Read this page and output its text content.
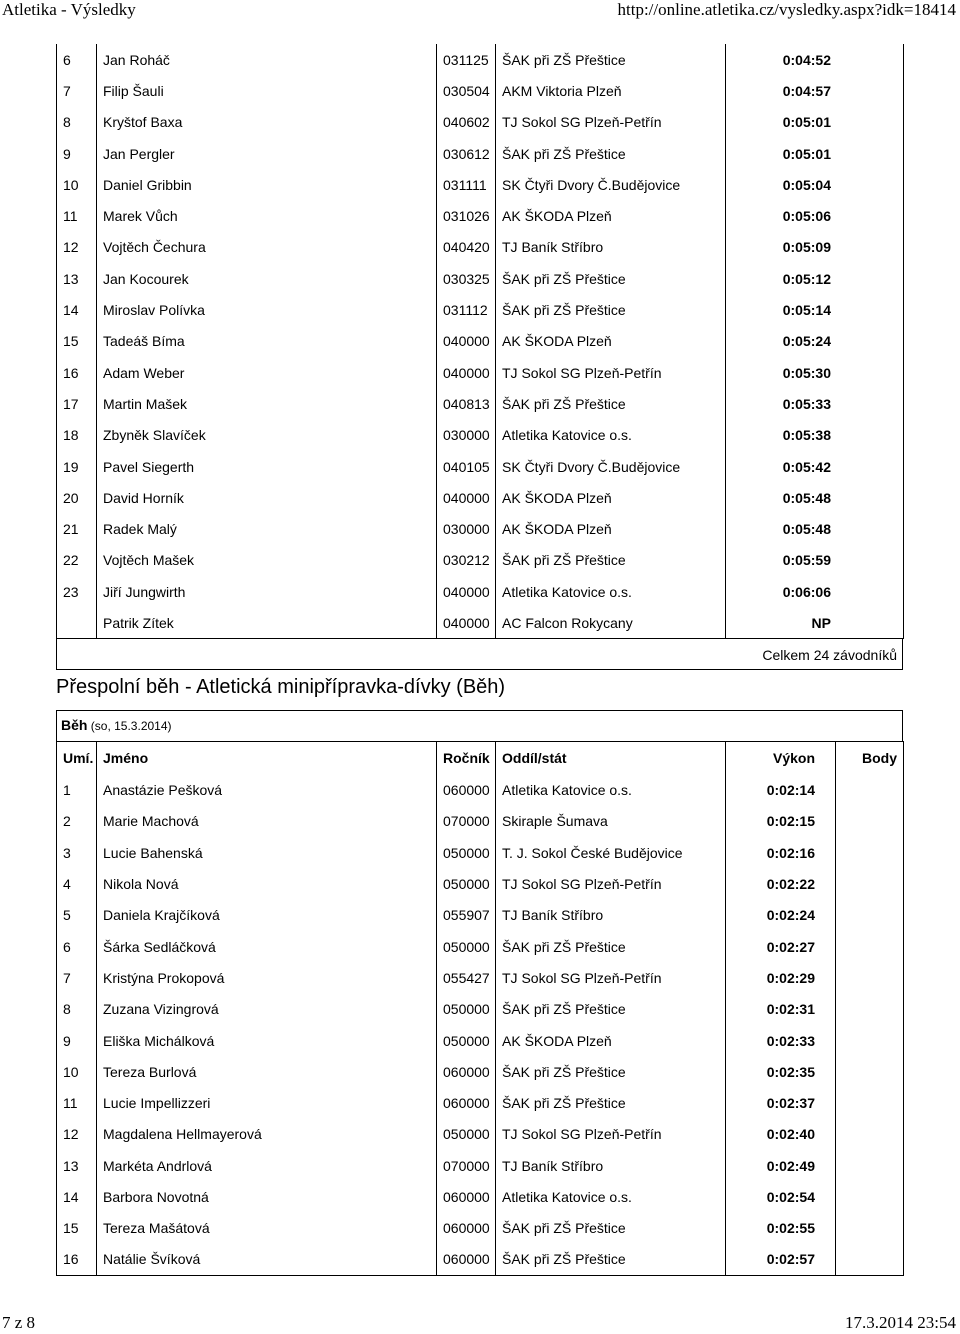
Atletika - Výsledky	http://online.atletika.cz/vysledky.aspx?idk=18414
6	Jan Roháč	031125	ŠAK při ZŠ Přeštice	0:04:52
7	Filip Šauli	030504	AKM Viktoria Plzeň	0:04:57
8	Kryštof Baxa	040602	TJ Sokol SG Plzeň-Petřín	0:05:01
9	Jan Pergler	030612	ŠAK při ZŠ Přeštice	0:05:01
10	Daniel Gribbin	031111	SK Čtyři Dvory Č.Budějovice	0:05:04
11	Marek Vůch	031026	AK ŠKODA Plzeň	0:05:06
12	Vojtěch Čechura	040420	TJ Baník Stříbro	0:05:09
13	Jan Kocourek	030325	ŠAK při ZŠ Přeštice	0:05:12
14	Miroslav Polívka	031112	ŠAK při ZŠ Přeštice	0:05:14
15	Tadeáš Bíma	040000	AK ŠKODA Plzeň	0:05:24
16	Adam Weber	040000	TJ Sokol SG Plzeň-Petřín	0:05:30
17	Martin Mašek	040813	ŠAK při ZŠ Přeštice	0:05:33
18	Zbyněk Slavíček	030000	Atletika Katovice o.s.	0:05:38
19	Pavel Siegerth	040105	SK Čtyři Dvory Č.Budějovice	0:05:42
20	David Horník	040000	AK ŠKODA Plzeň	0:05:48
21	Radek Malý	030000	AK ŠKODA Plzeň	0:05:48
22	Vojtěch Mašek	030212	ŠAK při ZŠ Přeštice	0:05:59
23	Jiří Jungwirth	040000	Atletika Katovice o.s.	0:06:06
	Patrik Zítek	040000	AC Falcon Rokycany	NP
Celkem 24 závodníků
Přespolní běh - Atletická minipřípravka-dívky (Běh)
Běh (so, 15.3.2014)
Umí.	Jméno	Ročník	Oddíl/stát	Výkon	Body
1	Anastázie Pešková	060000	Atletika Katovice o.s.	0:02:14	
2	Marie Machová	070000	Skiraple Šumava	0:02:15	
3	Lucie Bahenská	050000	T. J. Sokol České Budějovice	0:02:16	
4	Nikola Nová	050000	TJ Sokol SG Plzeň-Petřín	0:02:22	
5	Daniela Krajčíková	055907	TJ Baník Stříbro	0:02:24	
6	Šárka Sedláčková	050000	ŠAK při ZŠ Přeštice	0:02:27	
7	Kristýna Prokopová	055427	TJ Sokol SG Plzeň-Petřín	0:02:29	
8	Zuzana Vizingrová	050000	ŠAK při ZŠ Přeštice	0:02:31	
9	Eliška Michálková	050000	AK ŠKODA Plzeň	0:02:33	
10	Tereza Burlová	060000	ŠAK při ZŠ Přeštice	0:02:35	
11	Lucie Impellizzeri	060000	ŠAK při ZŠ Přeštice	0:02:37	
12	Magdalena Hellmayerová	050000	TJ Sokol SG Plzeň-Petřín	0:02:40	
13	Markéta Andrlová	070000	TJ Baník Stříbro	0:02:49	
14	Barbora Novotná	060000	Atletika Katovice o.s.	0:02:54	
15	Tereza Mašátová	060000	ŠAK při ZŠ Přeštice	0:02:55	
16	Natálie Švíková	060000	ŠAK při ZŠ Přeštice	0:02:57	
7 z 8	17.3.2014 23:54
